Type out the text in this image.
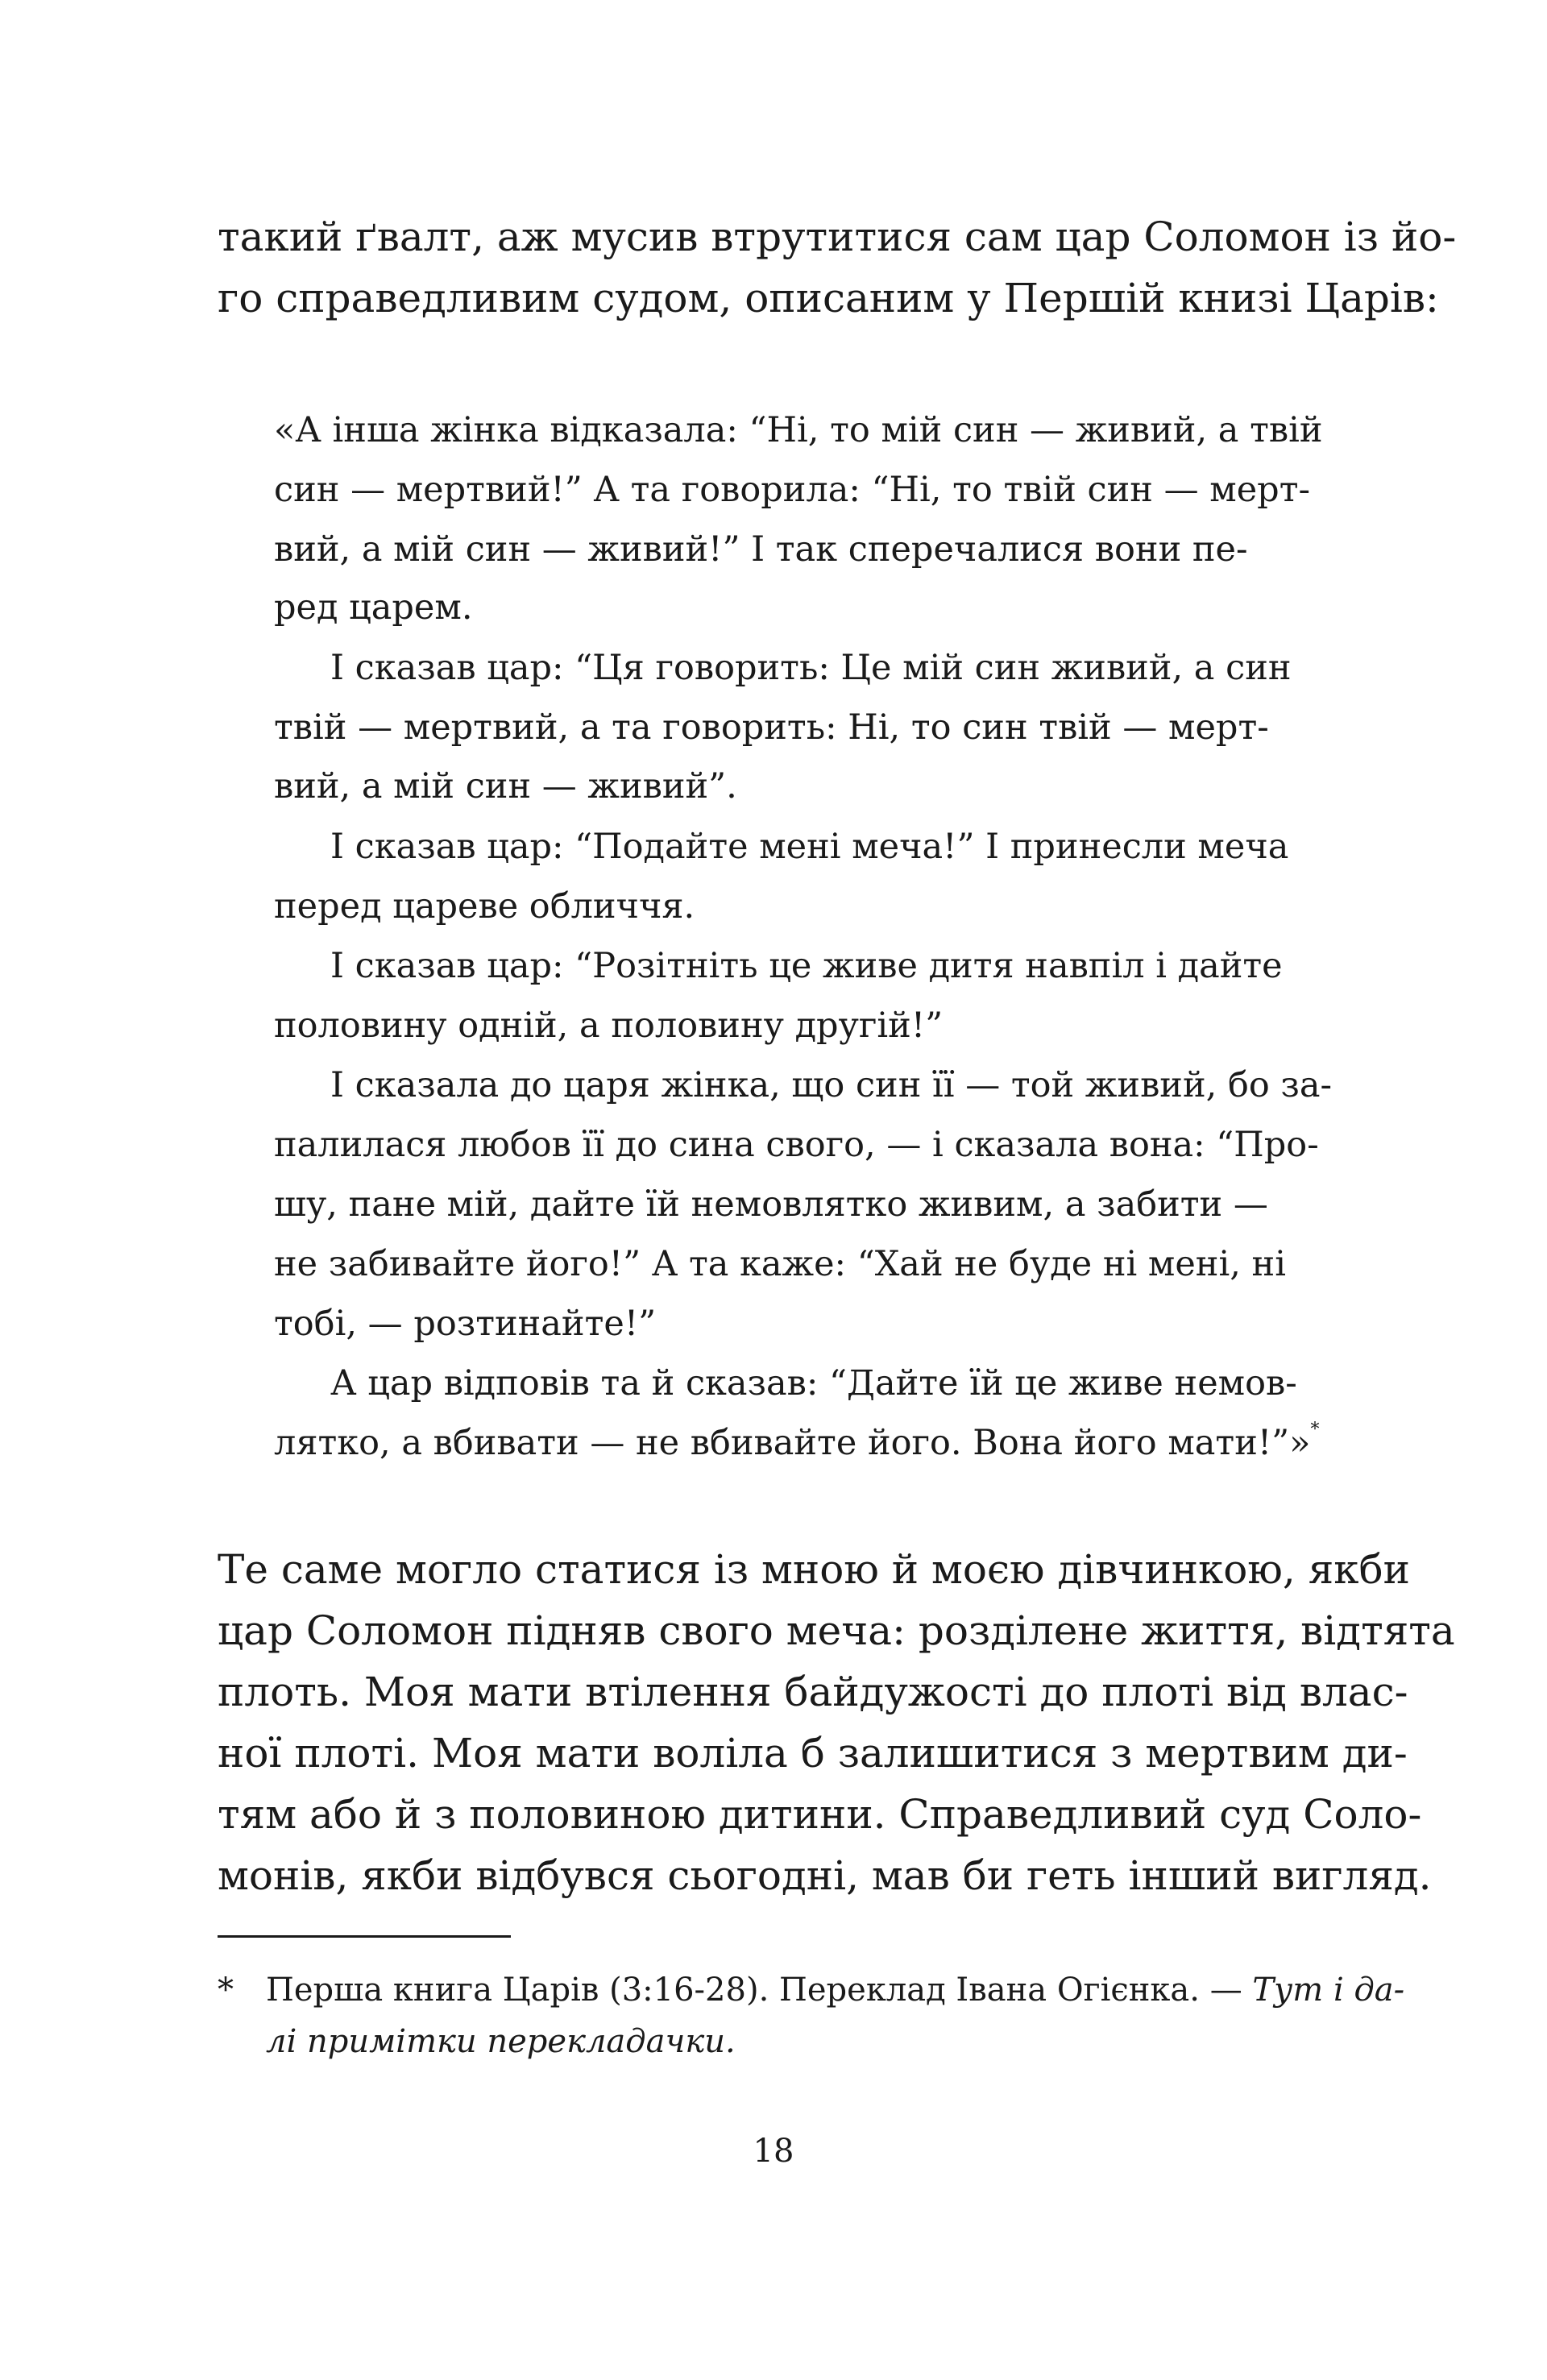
такий ґвалт, аж мусив втрутитися сам цар Соломон із йо-

го справедливим судом, описаним у Першій книзі Царів:

«А інша жінка відказала: “Ні, то мій син — живий, а твій

син — мертвий!” А та говорила: “Ні, то твій син — мерт-

вий, а мій син — живий!” І так сперечалися вони пе-

ред царем.

І сказав цар: “Ця говорить: Це мій син живий, а син

твій — мертвий, а та говорить: Ні, то син твій — мерт-

вий, а мій син — живий”.

І сказав цар: “Подайте мені меча!” І принесли меча

перед цареве обличчя.

І сказав цар: “Розітніть це живе дитя навпіл і дайте

половину одній, а половину другій!”

І сказала до царя жінка, що син її — той живий, бо за-

палилася любов її до сина свого, — і сказала вона: “Про-

шу, пане мій, дайте їй немовлятко живим, а забити —

не забивайте його!” А та каже: “Хай не буде ні мені, ні

тобі, — розтинайте!”

А цар відповів та й сказав: “Дайте їй це живе немов-

лятко, а вбивати — не вбивайте його. Вона його мати!”»*

Те саме могло статися із мною й моєю дівчинкою, якби

цар Соломон підняв свого меча: розділене життя, відтята

плоть. Моя мати втілення байдужості до плоті від влас-

ної плоті. Моя мати воліла б залишитися з мертвим ди-

тям або й з половиною дитини. Справедливий суд Соло-

монів, якби відбувся сьогодні, мав би геть інший вигляд.

* Перша книга Царів (3:16-28). Переклад Івана Огієнка. — Тут і да-

лі примітки перекладачки.

18
